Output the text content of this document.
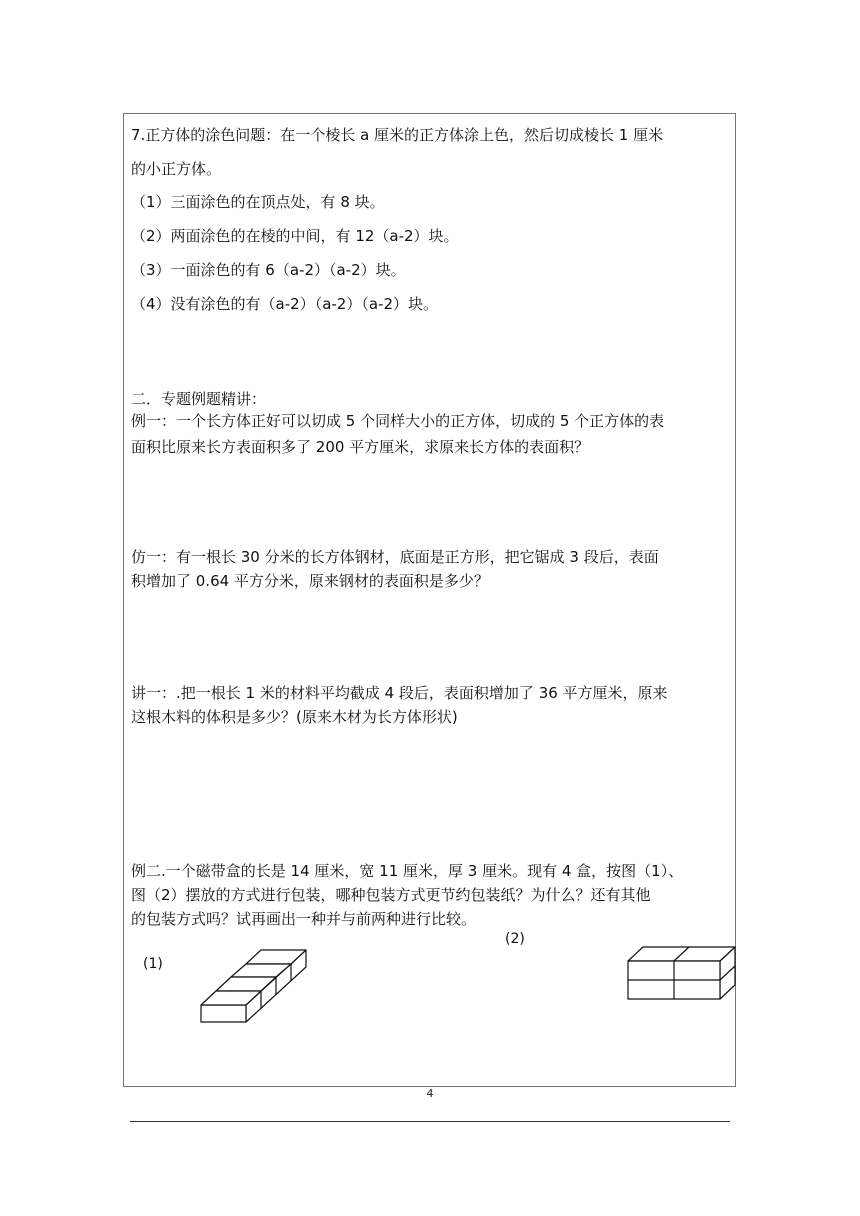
7.正方体的涂色问题：在一个棱长 a 厘米的正方体涂上色，然后切成棱长 1 厘米
的小正方体。
（1）三面涂色的在顶点处，有 8 块。
（2）两面涂色的在棱的中间，有 12（a-2）块。
（3）一面涂色的有 6（a-2）（a-2）块。
（4）没有涂色的有（a-2）（a-2）（a-2）块。
二．专题例题精讲：
例一：一个长方体正好可以切成 5 个同样大小的正方体，切成的 5 个正方体的表
面积比原来长方表面积多了 200 平方厘米，求原来长方体的表面积？
仿一：有一根长 30 分米的长方体钢材，底面是正方形，把它锯成 3 段后，表面
积增加了 0.64 平方分米，原来钢材的表面积是多少？
讲一：.把一根长 1 米的材料平均截成 4 段后，表面积增加了 36 平方厘米，原来
这根木料的体积是多少？(原来木材为长方体形状)
例二.一个磁带盒的长是 14 厘米，宽 11 厘米，厚 3 厘米。现有 4 盒，按图（1）、
图（2）摆放的方式进行包装，哪种包装方式更节约包装纸？为什么？还有其他
的包装方式吗？试再画出一种并与前两种进行比较。
(2)
(1)
4
